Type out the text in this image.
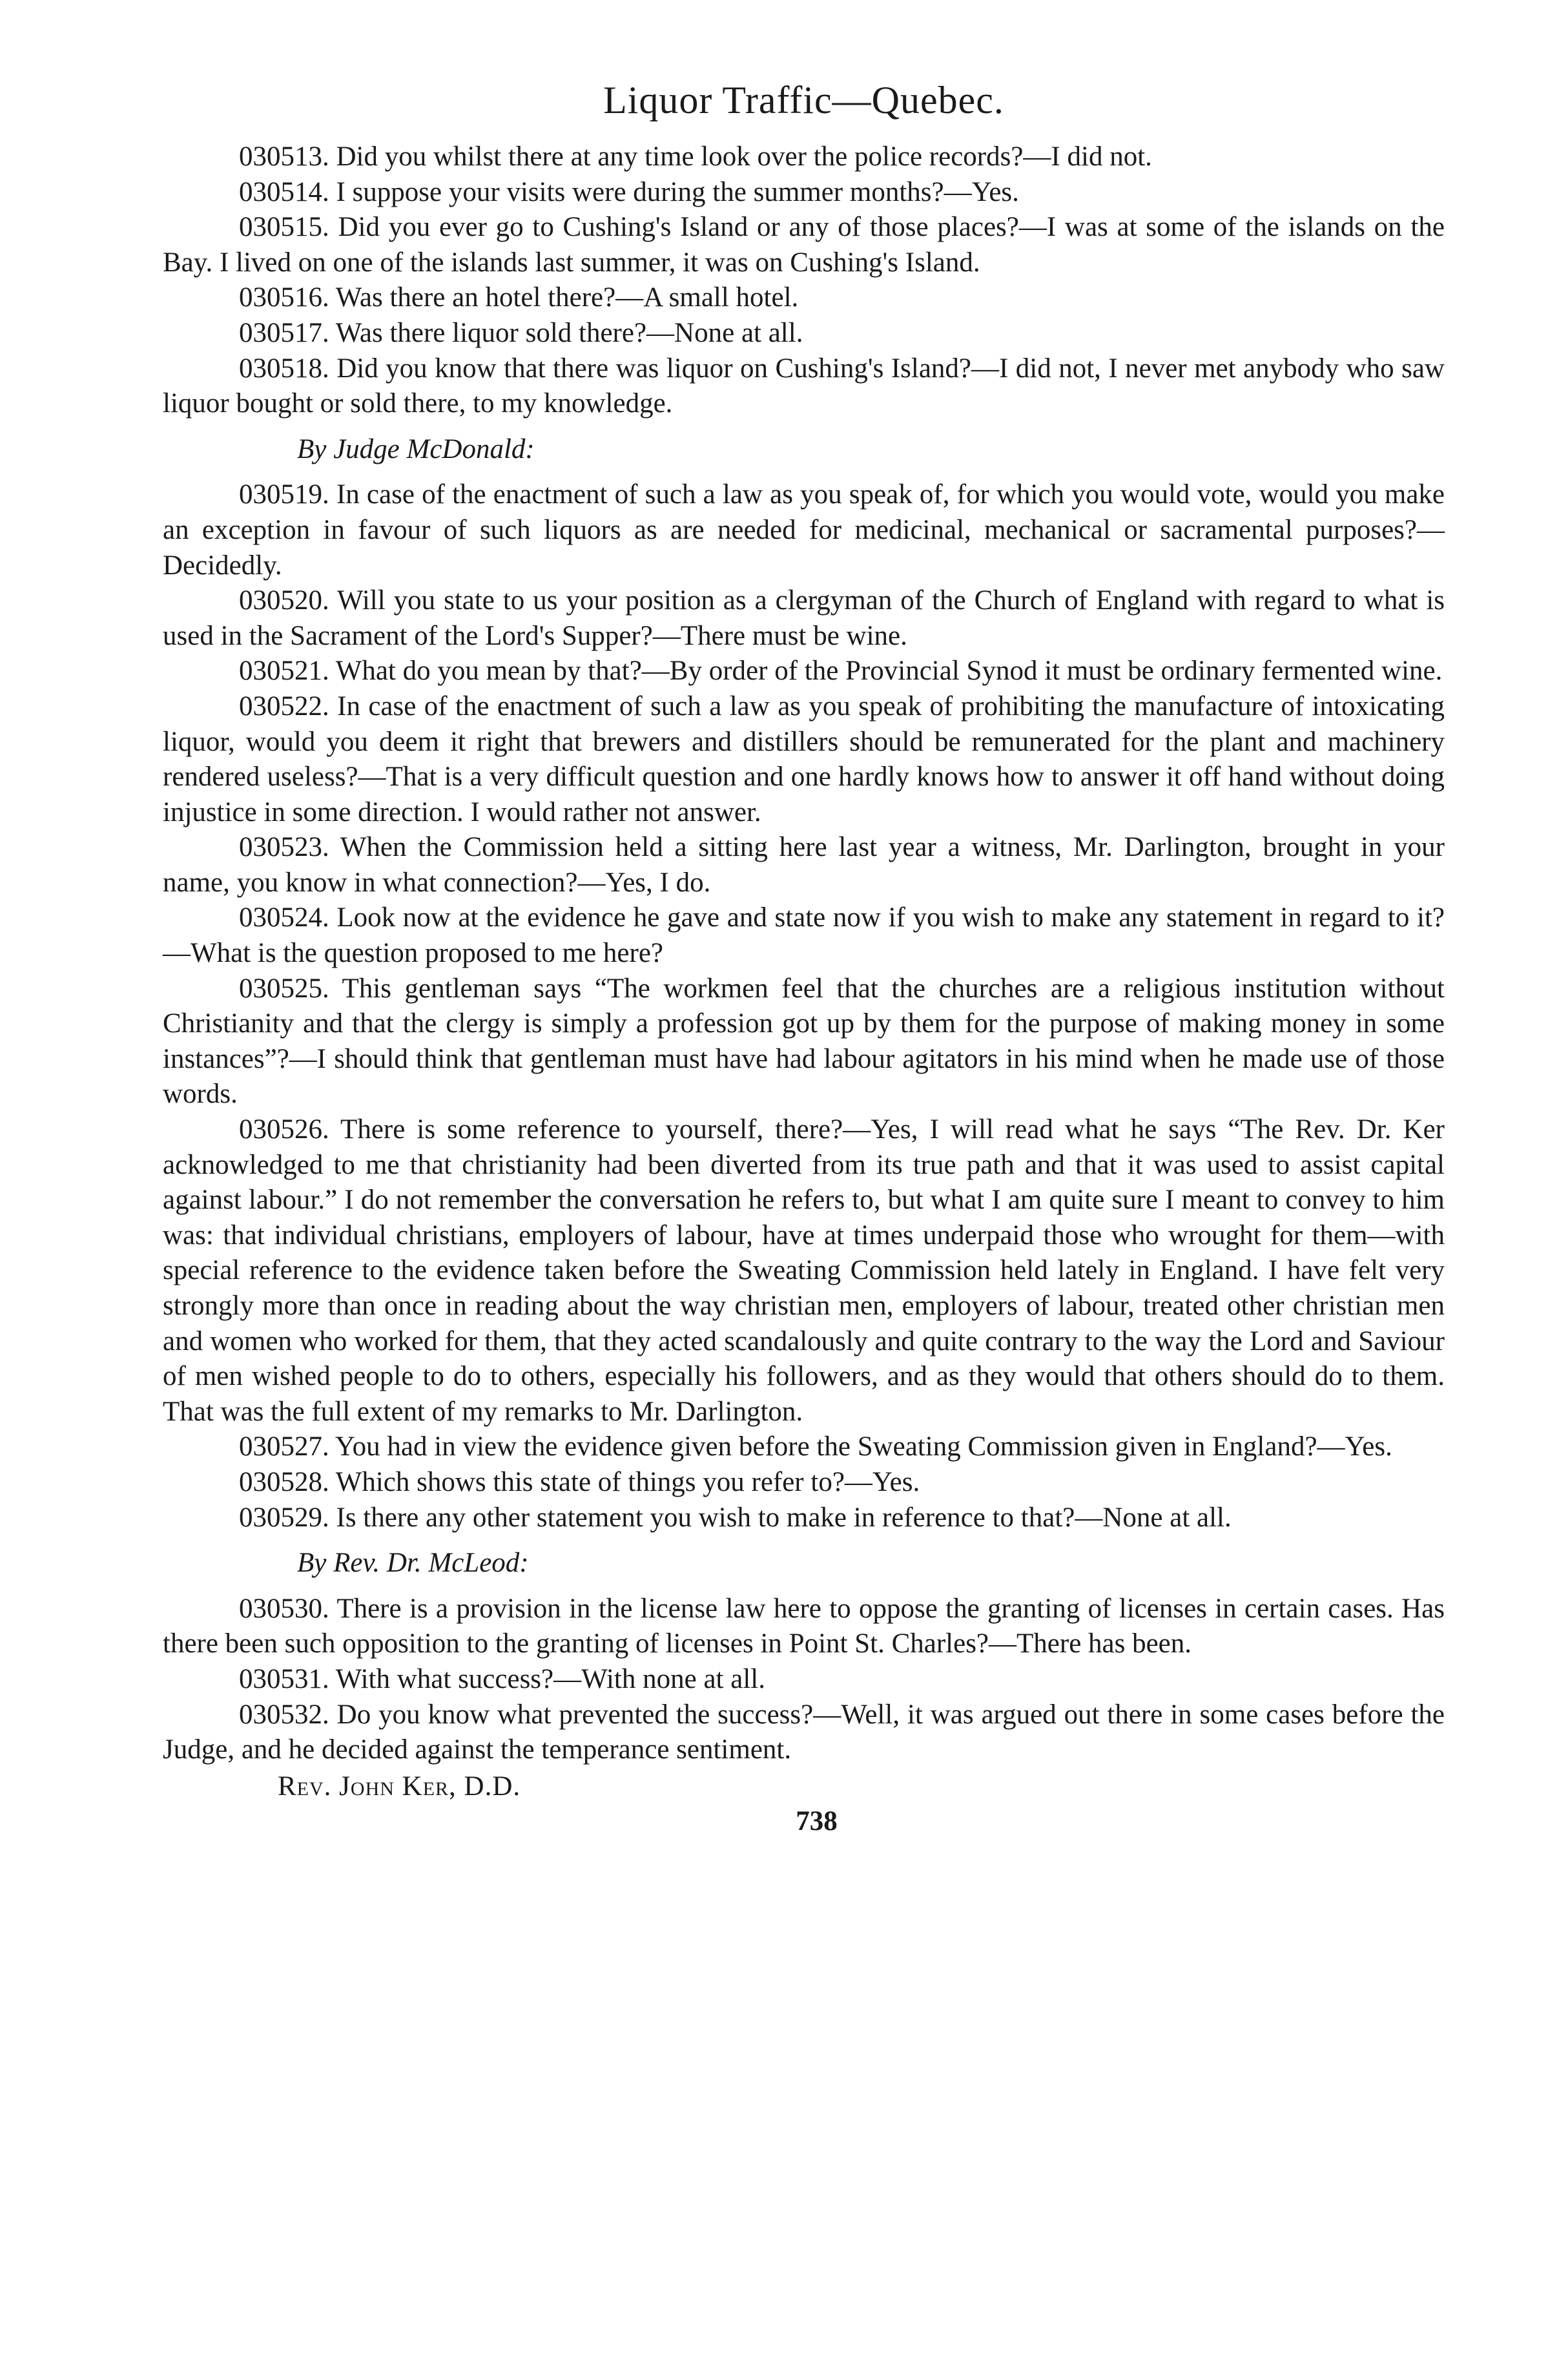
Liquor Traffic—Quebec.

030513. Did you whilst there at any time look over the police records?—I did not.

030514. I suppose your visits were during the summer months?—Yes.

030515. Did you ever go to Cushing's Island or any of those places?—I was at some of the islands on the Bay. I lived on one of the islands last summer, it was on Cushing's Island.

030516. Was there an hotel there?—A small hotel.

030517. Was there liquor sold there?—None at all.

030518. Did you know that there was liquor on Cushing's Island?—I did not, I never met anybody who saw liquor bought or sold there, to my knowledge.

By Judge McDonald:

030519. In case of the enactment of such a law as you speak of, for which you would vote, would you make an exception in favour of such liquors as are needed for medicinal, mechanical or sacramental purposes?—Decidedly.

030520. Will you state to us your position as a clergyman of the Church of England with regard to what is used in the Sacrament of the Lord's Supper?—There must be wine.

030521. What do you mean by that?—By order of the Provincial Synod it must be ordinary fermented wine.

030522. In case of the enactment of such a law as you speak of prohibiting the manufacture of intoxicating liquor, would you deem it right that brewers and distillers should be remunerated for the plant and machinery rendered useless?—That is a very difficult question and one hardly knows how to answer it off hand without doing injustice in some direction. I would rather not answer.

030523. When the Commission held a sitting here last year a witness, Mr. Darlington, brought in your name, you know in what connection?—Yes, I do.

030524. Look now at the evidence he gave and state now if you wish to make any statement in regard to it?—What is the question proposed to me here?

030525. This gentleman says “The workmen feel that the churches are a religious institution without Christianity and that the clergy is simply a profession got up by them for the purpose of making money in some instances”?—I should think that gentleman must have had labour agitators in his mind when he made use of those words.

030526. There is some reference to yourself, there?—Yes, I will read what he says “The Rev. Dr. Ker acknowledged to me that christianity had been diverted from its true path and that it was used to assist capital against labour.” I do not remember the conversation he refers to, but what I am quite sure I meant to convey to him was: that individual christians, employers of labour, have at times underpaid those who wrought for them—with special reference to the evidence taken before the Sweating Commission held lately in England. I have felt very strongly more than once in reading about the way christian men, employers of labour, treated other christian men and women who worked for them, that they acted scandalously and quite contrary to the way the Lord and Saviour of men wished people to do to others, especially his followers, and as they would that others should do to them. That was the full extent of my remarks to Mr. Darlington.

030527. You had in view the evidence given before the Sweating Commission given in England?—Yes.

030528. Which shows this state of things you refer to?—Yes.

030529. Is there any other statement you wish to make in reference to that?—None at all.

By Rev. Dr. McLeod:

030530. There is a provision in the license law here to oppose the granting of licenses in certain cases. Has there been such opposition to the granting of licenses in Point St. Charles?—There has been.

030531. With what success?—With none at all.

030532. Do you know what prevented the success?—Well, it was argued out there in some cases before the Judge, and he decided against the temperance sentiment.

Rev. John Ker, D.D.

738
